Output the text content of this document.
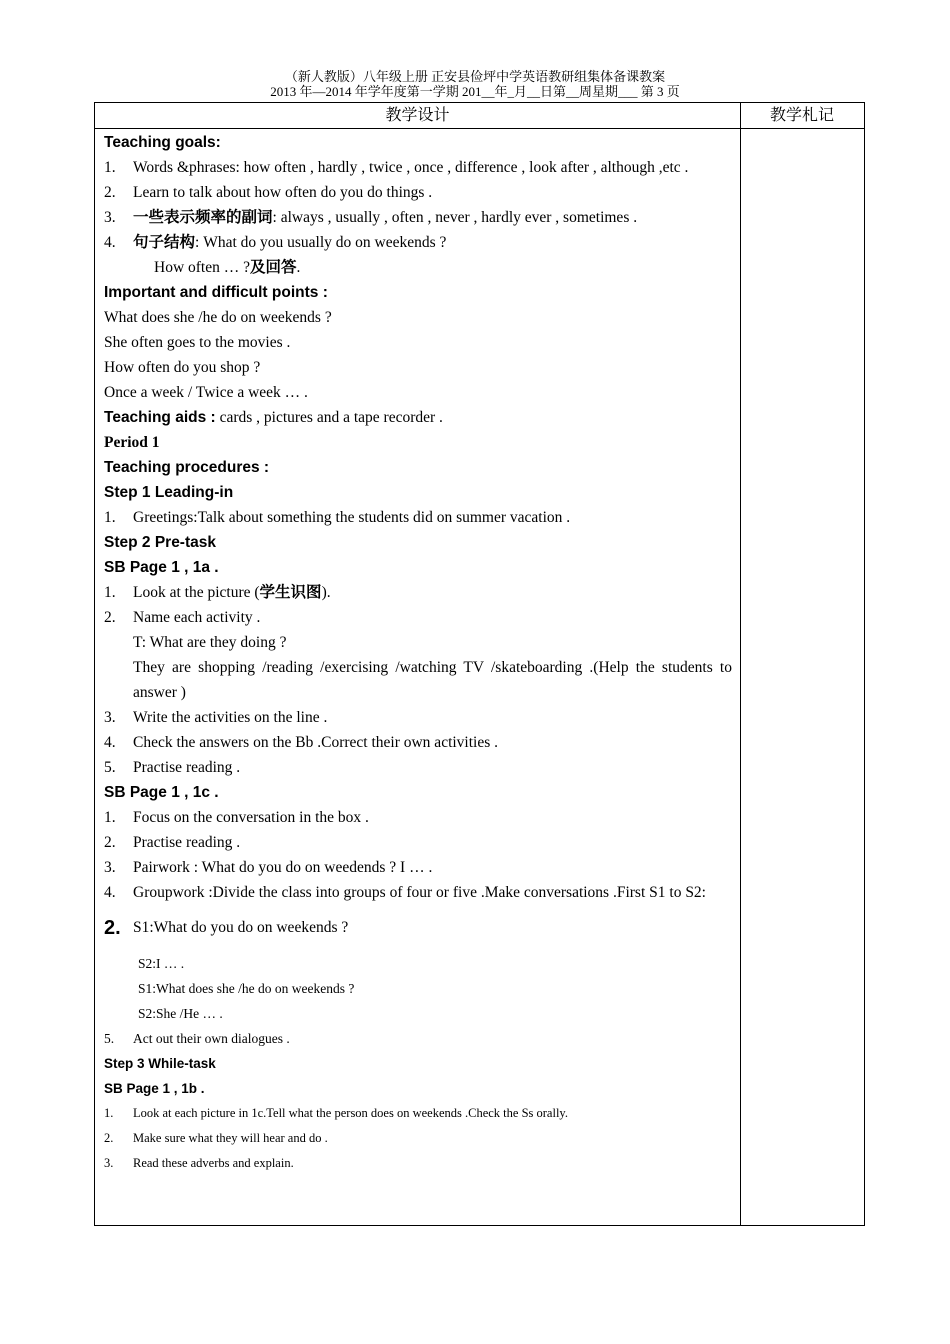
（新人教版）八年级上册 正安县俭坪中学英语教研组集体备课教案
2013 年—2014 年学年度第一学期 201__年_月__日第__周星期___ 第 3 页
教学设计	教学札记
Teaching goals:
1. Words &phrases: how often , hardly , twice , once , difference , look after , although ,etc .
2. Learn to talk about how often do you do things .
3. 一些表示频率的副词: always , usually , often , never , hardly ever , sometimes .
4. 句子结构: What do you usually do on weekends ?
How often … ?及回答.
Important and difficult points :
What does she /he do on weekends ?
She often goes to the movies .
How often do you shop ?
Once a week / Twice a week … .
Teaching aids : cards , pictures and a tape recorder .
Period 1
Teaching procedures :
Step 1 Leading-in
1. Greetings:Talk about something the students did on summer vacation .
Step 2 Pre-task
SB Page 1 , 1a .
1. Look at the picture (学生识图).
2. Name each activity .
T: What are they doing ?
They are shopping /reading /exercising /watching TV /skateboarding .(Help the students to answer )
3. Write the activities on the line .
4. Check the answers on the Bb .Correct their own activities .
5. Practise reading .
SB Page 1 , 1c .
1. Focus on the conversation in the box .
2. Practise reading .
3. Pairwork : What do you do on weedends ? I … .
4. Groupwork :Divide the class into groups of four or five .Make conversations .First S1 to S2:
2. S1:What do you do on weekends ?
S2:I … .
S1:What does she /he do on weekends ?
S2:She /He … .
5. Act out their own dialogues .
Step 3 While-task
SB Page 1 , 1b .
1. Look at each picture in 1c.Tell what the person does on weekends .Check the Ss orally.
2. Make sure what they will hear and do .
3. Read these adverbs and explain.
